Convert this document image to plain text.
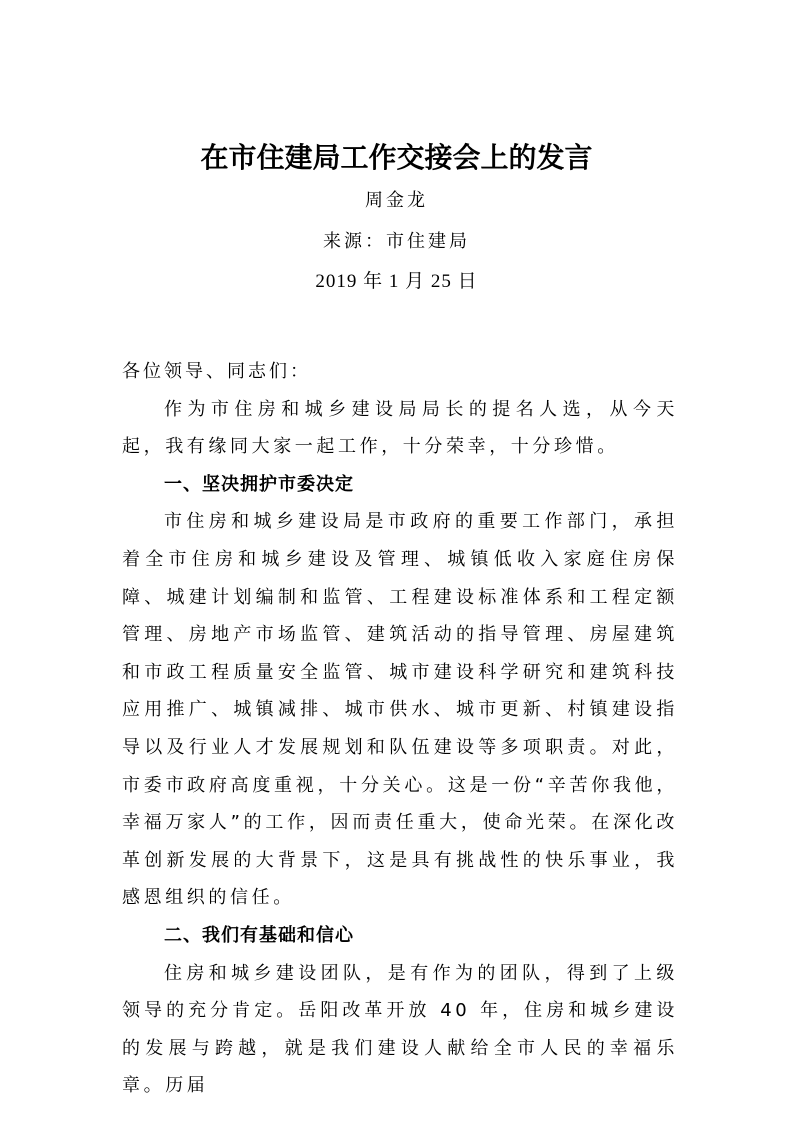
在市住建局工作交接会上的发言
周金龙
来源：市住建局
2019 年 1 月 25 日

各位领导、同志们：

作为市住房和城乡建设局局长的提名人选，从今天起，我有缘同大家一起工作，十分荣幸，十分珍惜。

一、坚决拥护市委决定

市住房和城乡建设局是市政府的重要工作部门，承担着全市住房和城乡建设及管理、城镇低收入家庭住房保障、城建计划编制和监管、工程建设标准体系和工程定额管理、房地产市场监管、建筑活动的指导管理、房屋建筑和市政工程质量安全监管、城市建设科学研究和建筑科技应用推广、城镇减排、城市供水、城市更新、村镇建设指导以及行业人才发展规划和队伍建设等多项职责。对此，市委市政府高度重视，十分关心。这是一份“辛苦你我他，幸福万家人”的工作，因而责任重大，使命光荣。在深化改革创新发展的大背景下，这是具有挑战性的快乐事业，我感恩组织的信任。

二、我们有基础和信心

住房和城乡建设团队，是有作为的团队，得到了上级领导的充分肯定。岳阳改革开放 40 年，住房和城乡建设的发展与跨越，就是我们建设人献给全市人民的幸福乐章。历届
